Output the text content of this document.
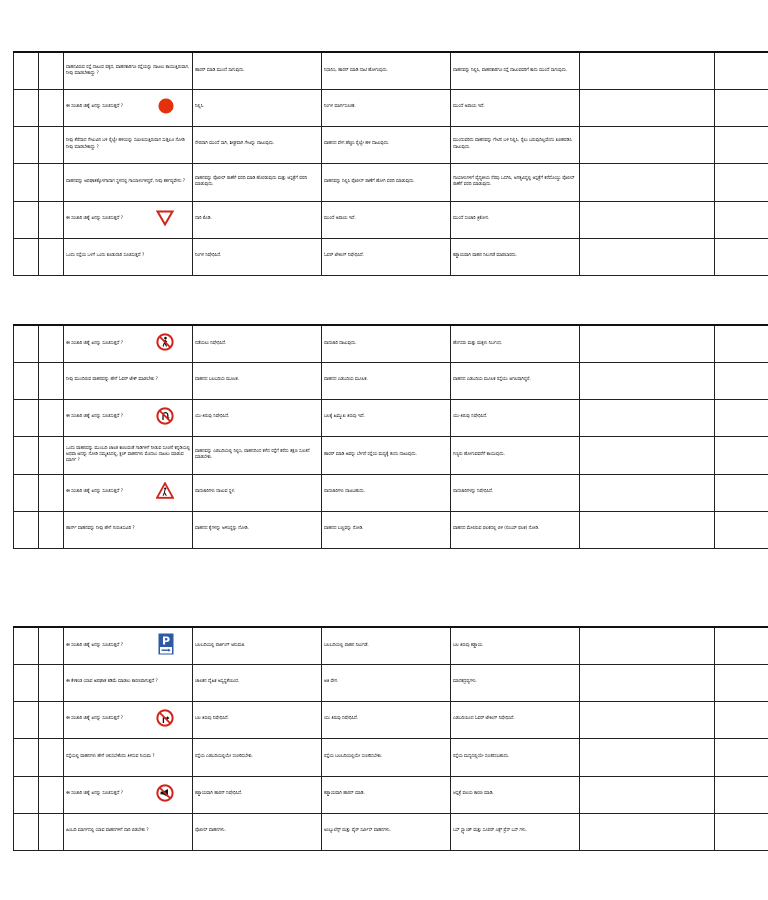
		ವಾಹನವಿರುವ ರಸ್ತೆ ದಾಟುವ ಪಕ್ಕದ, ವಾಹನಕಾರಿಗೂ ರಸ್ತೆಯನ್ನು ದಾಟಲು ಕಾಯುತ್ತಿರುವಾಗ, ನೀವು ಮಾಡಬೇಕಾದ್ದು ?	ಹಾರನ್ ಮಾಡಿ ಮುಂದೆ ಸಾಗುವುದು.	ನಿಧಾನಿಸಿ, ಹಾರನ್ ಮಾಡಿ ದಾಟಿ ಹೋಗುವುದು.	ವಾಹನವನ್ನು ನಿಲ್ಲಿಸಿ, ವಾಹನಕಾರಿಗೂ ರಸ್ತೆ ದಾಟುವವರಿಗೆ ಕಾದು ಮುಂದೆ ಸಾಗುವುದು.				

		ಈ ಸಂಚಾರಿ ಚಿಹ್ನೆ ಏನನ್ನು ಸೂಚಿಸುತ್ತದೆ ?	ನಿಲ್ಲಿಸಿ.	ನಿಂಗಳ ಮಾರ್ಗಸೂಚಕ.	ಮುಂದೆ ಅಪಾಯ ಇದೆ.				

		ನೀವು ತೆರೆದಾದ ಗೇಟುವಿನ ಬಳಿ ರೈಲ್ವೇ ಹಳಿಯನ್ನು ಸಮೀಪಿಸುತ್ತಿರುವಾಗ ಸುತ್ತಲೂ ನೋಡಿ ನೀವು ಮಾಡಬೇಕಾದ್ದು ?	ನೇರವಾಗಿ ಮುಂದೆ ಸಾಗಿ, ಶೀಘ್ರವಾಗಿ ಗೇಟನ್ನು ದಾಟುವುದು.	ವಾಹನದ ವೇಗ ಹೆಚ್ಚಿಸಿ ರೈಲ್ವೇ ಹಳಿ ದಾಟುವುದು.	ಮುಂದುವರಿದು ವಾಹನವನ್ನು ಗೇಟಿನ ಬಳಿ ನಿಲ್ಲಿಸಿ, ರೈಲು ಬರುವುದಿಲ್ಲವೆಂದು ಖಚಿತಪಡಿಸಿ ದಾಟುವುದು.				

		ವಾಹನವನ್ನು ಅಪಘಾತಕ್ಕೊಳಗಾದಾಗ ಸ್ಥಳದಲ್ಲಿ ಗಾಯಾಳುಗಳಿದ್ದರೆ, ನೀವು ಕರ್ತವ್ಯವೇನು ?	ವಾಹನವನ್ನು ಪೊಲೀಸ್ ಠಾಣೆಗೆ ವರದಿ ಮಾಡಿ ಹೊರಡುವುದು ಮತ್ತು ಆಸ್ಪತ್ರೆಗೆ ವರದಿ ಮಾಡುವುದು.	ವಾಹನವನ್ನು ನಿಲ್ಲಿಸಿ ಪೊಲೀಸ್ ಠಾಣೆಗೆ ಹೋಗಿ ವರದಿ ಮಾಡುವುದು.	ಗಾಯಾಳುಗಳಿಗೆ ವೈದ್ಯಕೀಯ ನೆರವು ಒದಗಿಸಿ, ಅಗತ್ಯವಿದ್ದಲ್ಲಿ ಆಸ್ಪತ್ರೆಗೆ ಕರೆದೊಯ್ದು ಪೊಲೀಸ್ ಠಾಣೆಗೆ ವರದಿ ಮಾಡುವುದು.				

		ಈ ಸಂಚಾರಿ ಚಿಹ್ನೆ ಏನನ್ನು ಸೂಚಿಸುತ್ತದೆ ?	ದಾರಿ ಕೊಡಿ.	ಮುಂದೆ ಅಪಾಯ ಇದೆ.	ಮುಂದೆ ಸಂಚಾರಿ ತ್ರಿಕೋನ.				

		ಒಂದು ರಸ್ತೆಯ ಒಳಗೆ ಒಂದು ಕೂಡುದಾರಿ ಸೂಚಿಸುತ್ತದೆ ?	ನಿಂಗಳ ನಿಷೇಧಿಸಿದೆ.	ಓವರ್ ಟೇಕಿಂಗ್ ನಿಷೇಧಿಸಿದೆ.	ಕಡ್ಡಾಯವಾಗಿ ವಾಹನ ನಿಲುಗಡೆ ಮಾಡಬಾರದು.				

		ಈ ಸಂಚಾರಿ ಚಿಹ್ನೆ ಏನನ್ನು ಸೂಚಿಸುತ್ತದೆ ?	ನಡೆಯಲು ನಿಷೇಧಿಸಿದೆ.	ಪಾದಚಾರಿ ದಾಟುವುದು.	ಹೆಂಗಸರು ಮತ್ತು ಮಕ್ಕಳು ನಿರ್ಬಂಧ.				

		ನೀವು ಮುಂದಿರುವ ವಾಹನವನ್ನು ಹೇಗೆ ಓವರ್ ಟೇಕ್ ಮಾಡಬೇಕು ?	ವಾಹನದ ಬಲಬದಿಯ ಮೂಲಕ.	ವಾಹನದ ಎಡಬದಿಯ ಮೂಲಕ.	ವಾಹನದ ಎಡಬದಿಯ ಮೂಲಕ ರಸ್ತೆಯು ಅಗಲವಾಗಿದ್ದರೆ.				

		ಈ ಸಂಚಾರಿ ಚಿಹ್ನೆ ಏನನ್ನು ಸೂಚಿಸುತ್ತದೆ ?	ಯು-ತಿರುವು ನಿಷೇಧಿಸಿದೆ.	ಬಲಕ್ಕೆ ಹಿಮ್ಮುಖ ತಿರುವು ಇದೆ.	ಯು-ತಿರುವು ನಿಷೇಧಿಸಿದೆ.				

		ಒಂದು ವಾಹನವನ್ನು ಮುಂಬದಿ ಚಾಲಕ ಕಾಣುವಂತೆ ಗಾಡಿಗಳಿಗೆ ನೀಡುವ ಸೂಚನೆ ಕನ್ನಡಿಯಲ್ಲಿ ಅಥವಾ ಅದನ್ನು ನೋಡಿ ಸಮ್ಮತಿಸಿದಲ್ಲಿ, ಕ್ಲಚ್ ವಾಹನಗಳು ಮೊದಲು ದಾಟಲು ಮಾಡುವ ಮಾರ್ಗ ?	ವಾಹನವನ್ನು ಎಡಬದಿಯಲ್ಲಿ ನಿಲ್ಲಿಸಿ, ವಾಹನದಿಂದ ಕಳೆದ ರಸ್ತೆಗೆ ಕರೆದು ತಕ್ಷಣ ಸೂಚನೆ ಮಾಡಬೇಕು.	ಹಾರನ್ ಮಾಡಿ ಅವನ್ನು ಬೇಗನೆ ರಸ್ತೆಯ ಮಧ್ಯಕ್ಕೆ ತಂದು ದಾಟುವುದು.	ಗಣ್ಯರು ಹೋಗುವವರೆಗೆ ಕಾಯುವುದು.				

		ಈ ಸಂಚಾರಿ ಚಿಹ್ನೆ ಏನನ್ನು ಸೂಚಿಸುತ್ತದೆ ?	ಪಾದಚಾರಿಗಳು ದಾಟುವ ಸ್ಥಳ.	ಪಾದಚಾರಿಗಳು ದಾಟಬಹುದು.	ಪಾದಚಾರಿಗಳನ್ನು ನಿಷೇಧಿಸಿದೆ.				

		ಹಾರ್ನ್ ವಾಹನವನ್ನು ನೀವು ಹೇಗೆ ಗುರುತಿಸುವಿರಿ ?	ವಾಹನದ ಕೈಗಳನ್ನು ಅಳಿಸಿದ್ದನ್ನು ನೋಡಿ.	ವಾಹನದ ಬಣ್ಣವನ್ನು ನೋಡಿ.	ವಾಹನದ ಮೇಲಿರುವ ಫಲಕದಲ್ಲಿ ಬಿಳಿ (ನಂಬರ್ ಫಲಕ) ನೋಡಿ.				

		ಈ ಸಂಚಾರಿ ಚಿಹ್ನೆ ಏನನ್ನು ಸೂಚಿಸುತ್ತದೆ ? P	ಬಲಬದಿಯಲ್ಲಿ ಪಾರ್ಕಿಂಗ್ ಅನುಮತಿ.	ಬಲಬದಿಯಲ್ಲಿ ವಾಹನ ನಿಲುಗಡೆ.	ಬಲ ತಿರುವು ಕಡ್ಡಾಯ.				

		ಈ ಕೆಳಕಂಡ ಯಾವ ಅಪಘಾತ ಕಡಿಮೆ ಮಾಡಲು ಕಾರಣವಾಗುತ್ತದೆ ?	ಚಾಲಕನ ದೈಹಿಕ ಅಸ್ವಸ್ಥತೆಯಿಂದ.	ಅತಿ ವೇಗ.	ಮಾದಕದ್ರವ್ಯಗಳು.				

		ಈ ಸಂಚಾರಿ ಚಿಹ್ನೆ ಏನನ್ನು ಸೂಚಿಸುತ್ತದೆ ?	ಬಲ ತಿರುವು ನಿಷೇಧಿಸಿದೆ.	ಯು ತಿರುವು ನಿಷೇಧಿಸಿದೆ.	ಎಡಬದಿಯಿಂದ ಓವರ್ ಟೇಕಿಂಗ್ ನಿಷೇಧಿಸಿದೆ.				

		ರಸ್ತೆಯಲ್ಲಿ ವಾಹನಗಳು ಹೇಗೆ ಚಲಿಸಬೇಕೆಂದು ತಿಳಿಸುವ ನಿಯಮ ?	ರಸ್ತೆಯ ಎಡಬದಿಯಲ್ಲಿಯೇ ಸಂಚರಿಸಬೇಕು.	ರಸ್ತೆಯ ಬಲಬದಿಯಲ್ಲಿಯೇ ಸಂಚರಿಸಬೇಕು.	ರಸ್ತೆಯ ಮಧ್ಯದಲ್ಲಿಯೇ ಸಂಚರಿಸಬಹುದು.				

		ಈ ಸಂಚಾರಿ ಚಿಹ್ನೆ ಏನನ್ನು ಸೂಚಿಸುತ್ತದೆ ?	ಕಡ್ಡಾಯವಾಗಿ ಹಾರನ್ ನಿಷೇಧಿಸಿದೆ.	ಕಡ್ಡಾಯವಾಗಿ ಹಾರನ್ ಮಾಡಿ.	ಆಸ್ಪತ್ರೆ ವಲಯ ಕಾರಣ ಮಾಡಿ.				

		ಹಿಂಬದಿ ಮಾರ್ಗದಲ್ಲಿ ಯಾವ ವಾಹನಗಳಿಗೆ ದಾರಿ ಬಿಡಬೇಕು ?	ಪೊಲೀಸ್ ವಾಹನಗಳು.	ಅಂಬ್ಯುಲೆನ್ಸ್ ಮತ್ತು ಫೈರ್ ಸರ್ವೀಸ್ ವಾಹನಗಳು.	ಬಸ್ ಸ್ಟ್ಯಾಂಡ್ ಮತ್ತು ಸೂಪರ್ ಎಕ್ಸ್ ಪ್ರೆಸ್ ಬಸ್ ಗಳು.				
